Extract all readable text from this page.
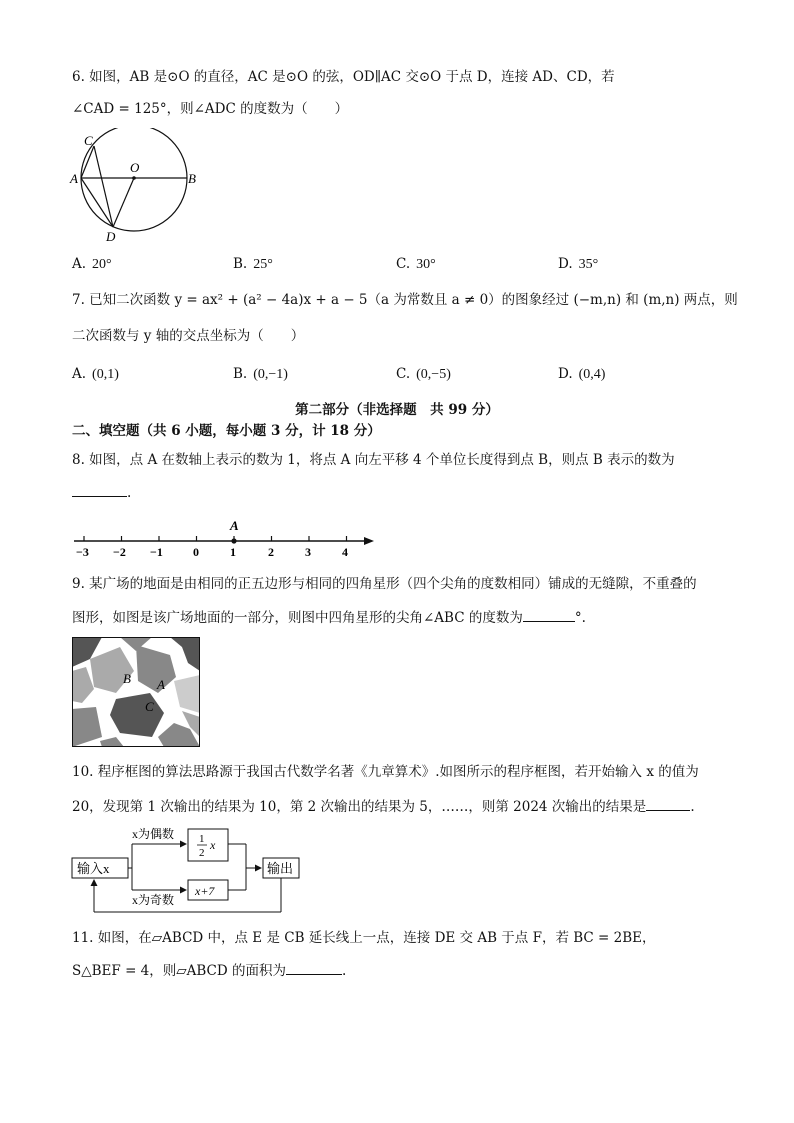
6. 如图，AB 是⊙O 的直径，AC 是⊙O 的弦，OD∥AC 交⊙O 于点 D，连接 AD、CD，若
∠CAD = 125°，则∠ADC 的度数为（　　）
C
A
O
B
D
A. 20°	B. 25°	C. 30°	D. 35°
7. 已知二次函数 y = ax² + (a² − 4a)x + a − 5（a 为常数且 a ≠ 0）的图象经过 (−m,n) 和 (m,n) 两点，则
二次函数与 y 轴的交点坐标为（　　）
A. (0,1)	B. (0,−1)	C. (0,−5)	D. (0,4)
第二部分（非选择题　共 99 分）
二、填空题（共 6 小题，每小题 3 分，计 18 分）
8. 如图，点 A 在数轴上表示的数为 1，将点 A 向左平移 4 个单位长度得到点 B，则点 B 表示的数为
.
A
−3 −2 −1	0	1	2	3	4
9. 某广场的地面是由相同的正五边形与相同的四角星形（四个尖角的度数相同）铺成的无缝隙，不重叠的
图形，如图是该广场地面的一部分，则图中四角星形的尖角∠ABC 的度数为	°.
B A
C
10. 程序框图的算法思路源于我国古代数学名著《九章算术》.如图所示的程序框图，若开始输入 x 的值为
20，发现第 1 次输出的结果为 10，第 2 次输出的结果为 5，……，则第 2024 次输出的结果是	.
输入x
x为偶数
x为奇数
1
2
x
x+7
输出
11. 如图，在▱ABCD 中，点 E 是 CB 延长线上一点，连接 DE 交 AB 于点 F，若 BC = 2BE，
S△BEF = 4，则▱ABCD 的面积为	.
